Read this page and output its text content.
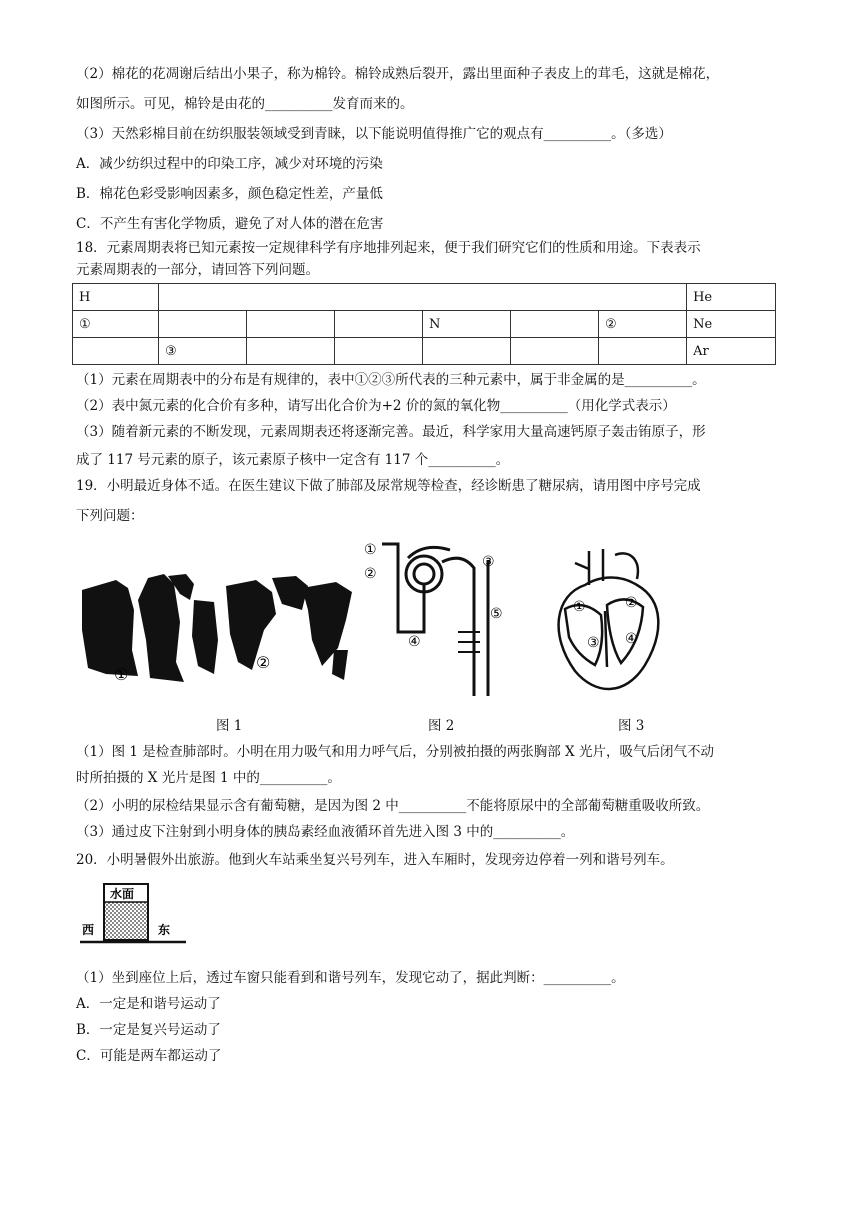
（2）棉花的花凋谢后结出小果子，称为棉铃。棉铃成熟后裂开，露出里面种子表皮上的茸毛，这就是棉花，
如图所示。可见，棉铃是由花的__________发育而来的。
（3）天然彩棉目前在纺织服装领域受到青睐，以下能说明值得推广它的观点有__________。（多选）
A．减少纺织过程中的印染工序，减少对环境的污染
B．棉花色彩受影响因素多，颜色稳定性差，产量低
C．不产生有害化学物质，避免了对人体的潜在危害
18．元素周期表将已知元素按一定规律科学有序地排列起来，便于我们研究它们的性质和用途。下表表示
元素周期表的一部分，请回答下列问题。
H							He
①				N		②	Ne
	③						Ar
（1）元素在周期表中的分布是有规律的，表中①②③所代表的三种元素中，属于非金属的是__________。
（2）表中氮元素的化合价有多种，请写出化合价为+2 价的氮的氧化物__________（用化学式表示）
（3）随着新元素的不断发现，元素周期表还将逐渐完善。最近，科学家用大量高速钙原子轰击铕原子，形
成了 117 号元素的原子，该元素原子核中一定含有 117 个__________。
19．小明最近身体不适。在医生建议下做了肺部及尿常规等检查，经诊断患了糖尿病，请用图中序号完成
下列问题：
①
②
①
②
③
④
⑤	①	②
③ ④
图 1	图 2	图 3
（1）图 1 是检查肺部时。小明在用力吸气和用力呼气后，分别被拍摄的两张胸部 X 光片，吸气后闭气不动
时所拍摄的 X 光片是图 1 中的__________。
（2）小明的尿检结果显示含有葡萄糖，是因为图 2 中__________不能将原尿中的全部葡萄糖重吸收所致。
（3）通过皮下注射到小明身体的胰岛素经血液循环首先进入图 3 中的__________。
20．小明暑假外出旅游。他到火车站乘坐复兴号列车，进入车厢时，发现旁边停着一列和谐号列车。
水面
西	东
（1）坐到座位上后，透过车窗只能看到和谐号列车，发现它动了，据此判断：__________。
A．一定是和谐号运动了
B．一定是复兴号运动了
C．可能是两车都运动了
